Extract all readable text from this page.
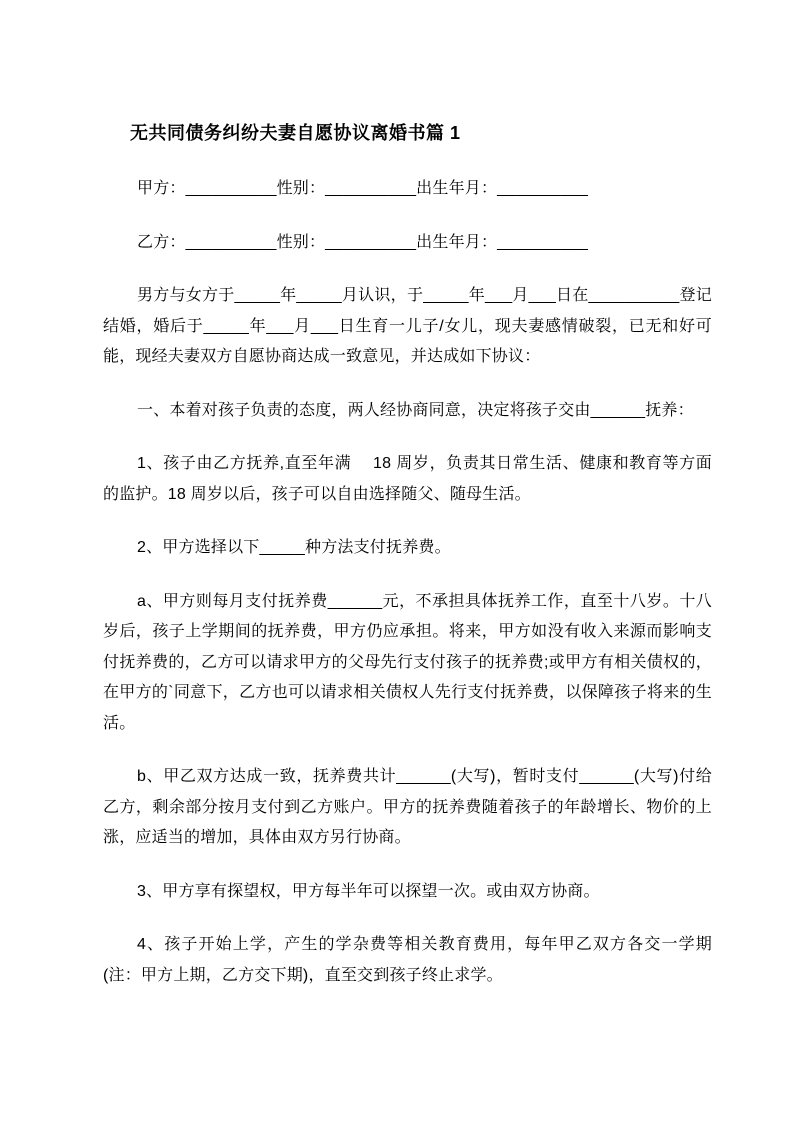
无共同债务纠纷夫妻自愿协议离婚书篇 1

甲方：__________性别：__________出生年月：__________

乙方：__________性别：__________出生年月：__________

男方与女方于_____年_____月认识，于_____年___月___日在__________登记结婚，婚后于_____年___月___日生育一儿子/女儿，现夫妻感情破裂，已无和好可能，现经夫妻双方自愿协商达成一致意见，并达成如下协议：

一、本着对孩子负责的态度，两人经协商同意，决定将孩子交由______抚养：

1、孩子由乙方抚养,直至年满　 18 周岁，负责其日常生活、健康和教育等方面的监护。18 周岁以后，孩子可以自由选择随父、随母生活。

2、甲方选择以下_____种方法支付抚养费。

a、甲方则每月支付抚养费______元，不承担具体抚养工作，直至十八岁。十八岁后，孩子上学期间的抚养费，甲方仍应承担。将来，甲方如没有收入来源而影响支付抚养费的，乙方可以请求甲方的父母先行支付孩子的抚养费;或甲方有相关债权的，在甲方的`同意下，乙方也可以请求相关债权人先行支付抚养费，以保障孩子将来的生活。

b、甲乙双方达成一致，抚养费共计______(大写)，暂时支付______(大写)付给乙方，剩余部分按月支付到乙方账户。甲方的抚养费随着孩子的年龄增长、物价的上涨，应适当的增加，具体由双方另行协商。

3、甲方享有探望权，甲方每半年可以探望一次。或由双方协商。

4、孩子开始上学，产生的学杂费等相关教育费用，每年甲乙双方各交一学期(注：甲方上期，乙方交下期)，直至交到孩子终止求学。
